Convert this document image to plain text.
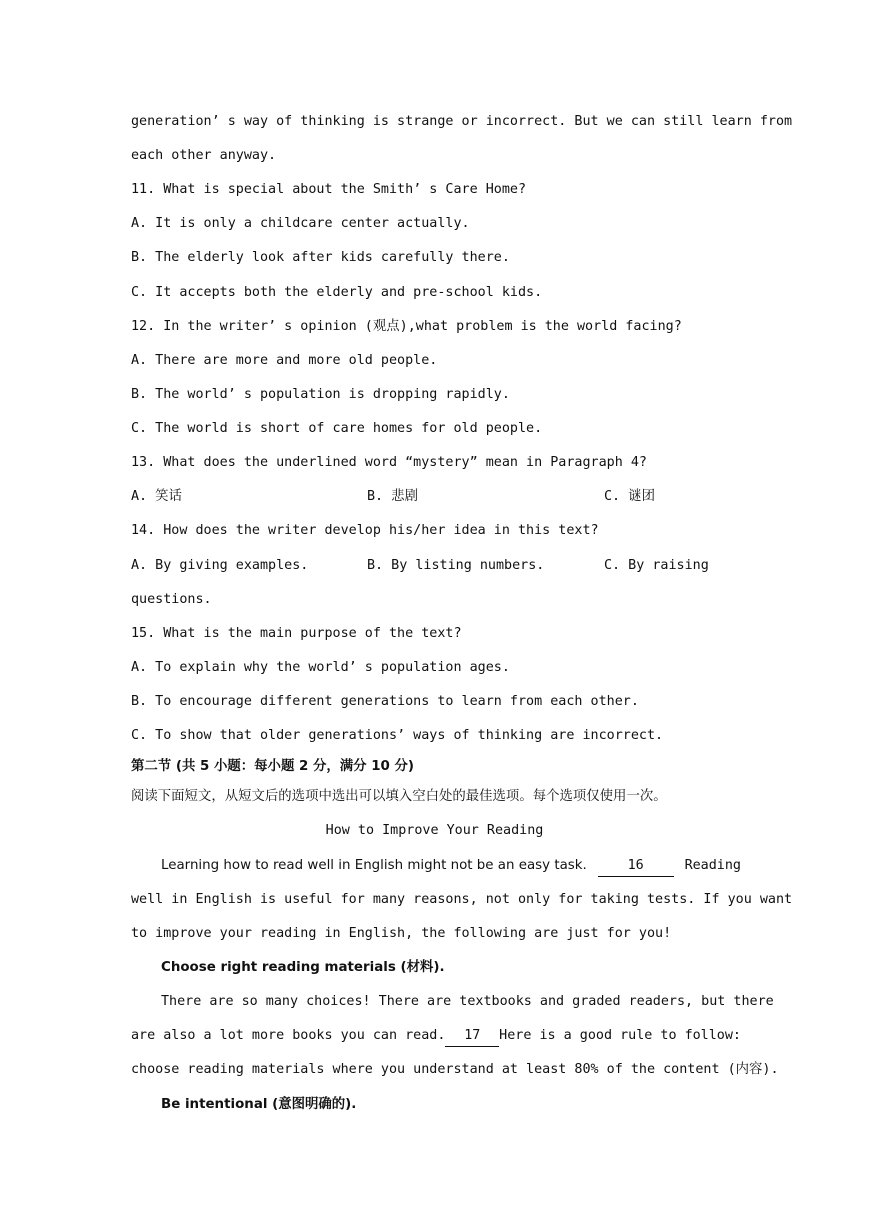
generation’ s way of thinking is strange or incorrect. But we can still learn from
each other anyway.
11. What is special about the Smith’ s Care Home?
A. It is only a childcare center actually.
B. The elderly look after kids carefully there.
C. It accepts both the elderly and pre-school kids.
12. In the writer’ s opinion (观点),what problem is the world facing?
A. There are more and more old people.
B. The world’ s population is dropping rapidly.
C. The world is short of care homes for old people.
13. What does the underlined word “mystery” mean in Paragraph 4?
A. 笑话	B. 悲剧	C. 谜团
14. How does the writer develop his/her idea in this text?
A. By giving examples.	B. By listing numbers.	C. By raising
questions.
15. What is the main purpose of the text?
A. To explain why the world’ s population ages.
B. To encourage different generations to learn from each other.
C. To show that older generations’ ways of thinking are incorrect.
第二节 (共 5 小题：每小题 2 分，满分 10 分)
阅读下面短文，从短文后的选项中选出可以填入空白处的最佳选项。每个选项仅使用一次。
How to Improve Your Reading
Learning how to read well in English might not be an easy task.	16	Reading
well in English is useful for many reasons, not only for taking tests. If you want
to improve your reading in English, the following are just for you!
Choose right reading materials (材料).
There are so many choices! There are textbooks and graded readers, but there
are also a lot more books you can read.	17	Here is a good rule to follow:
choose reading materials where you understand at least 80% of the content (内容).
Be intentional (意图明确的).
